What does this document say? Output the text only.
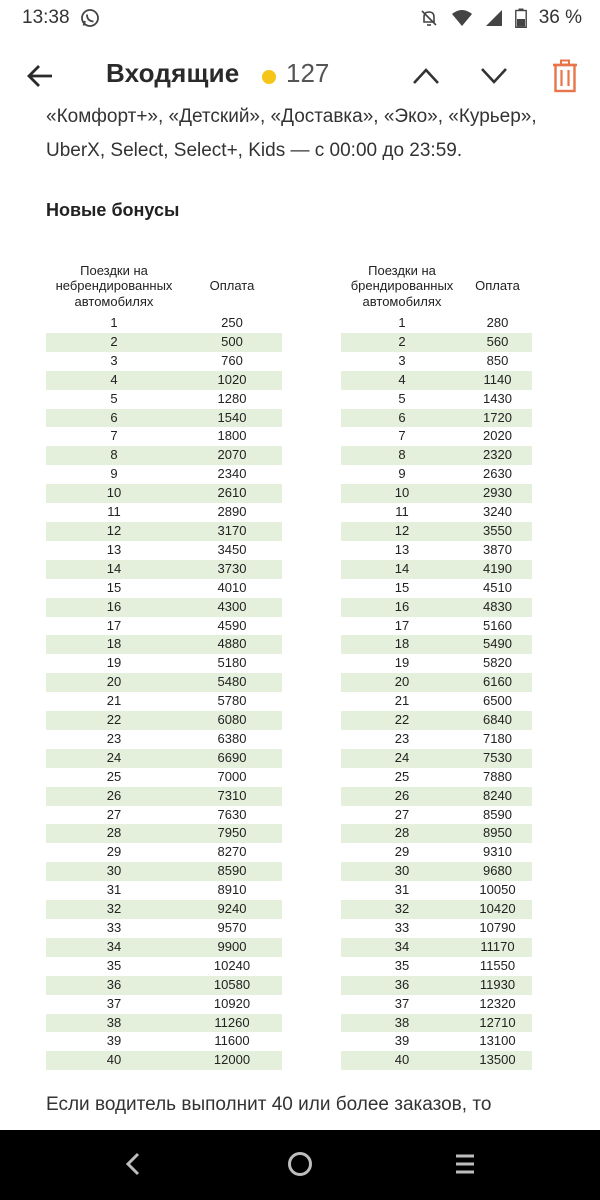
13:38	36 %
Входящие 127
«Комфорт+», «Детский», «Доставка», «Эко», «Курьер»,
UberX, Select, Select+, Kids — с 00:00 до 23:59.
Новые бонусы
Поездки на небрендированных автомобилях	Оплата
1	250
2	500
3	760
4	1020
5	1280
6	1540
7	1800
8	2070
9	2340
10	2610
11	2890
12	3170
13	3450
14	3730
15	4010
16	4300
17	4590
18	4880
19	5180
20	5480
21	5780
22	6080
23	6380
24	6690
25	7000
26	7310
27	7630
28	7950
29	8270
30	8590
31	8910
32	9240
33	9570
34	9900
35	10240
36	10580
37	10920
38	11260
39	11600
40	12000
Поездки на брендированных автомобилях	Оплата
1	280
2	560
3	850
4	1140
5	1430
6	1720
7	2020
8	2320
9	2630
10	2930
11	3240
12	3550
13	3870
14	4190
15	4510
16	4830
17	5160
18	5490
19	5820
20	6160
21	6500
22	6840
23	7180
24	7530
25	7880
26	8240
27	8590
28	8950
29	9310
30	9680
31	10050
32	10420
33	10790
34	11170
35	11550
36	11930
37	12320
38	12710
39	13100
40	13500
Если водитель выполнит 40 или более заказов, то
